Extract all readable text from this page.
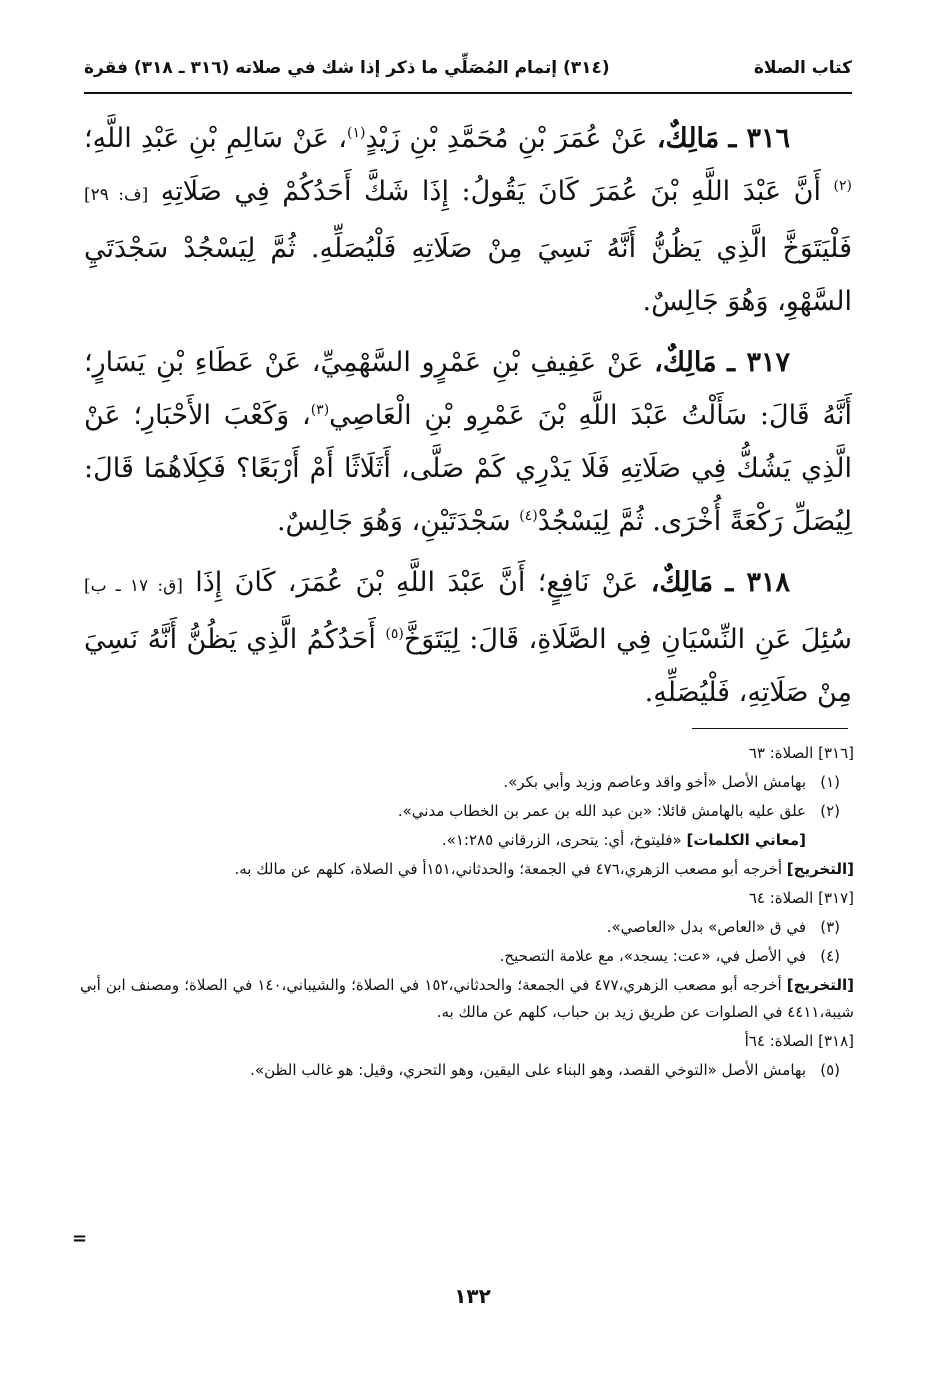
كتاب الصلاة
(٣١٤) إتمام المُصَلِّي ما ذكر إذا شك في صلاته (٣١٦ ـ ٣١٨) فقرة

٣١٦ ـ مَالِكٌ، عَنْ عُمَرَ بْنِ مُحَمَّدِ بْنِ زَيْدٍ$^{(١)}$، عَنْ سَالِمِ بْنِ عَبْدِ اللَّهِ؛$^{(٢)}$ أَنَّ عَبْدَ اللَّهِ بْنَ عُمَرَ كَانَ يَقُولُ: إِذَا شَكَّ أَحَدُكُمْ فِي صَلَاتِهِ [ف: ٢٩] فَلْيَتَوَخَّ الَّذِي يَظُنُّ أَنَّهُ نَسِيَ مِنْ صَلَاتِهِ فَلْيُصَلِّهِ. ثُمَّ لِيَسْجُدْ سَجْدَتَيِ السَّهْوِ، وَهُوَ جَالِسٌ.

٣١٧ ـ مَالِكٌ، عَنْ عَفِيفِ بْنِ عَمْرٍو السَّهْمِيِّ، عَنْ عَطَاءِ بْنِ يَسَارٍ؛ أَنَّهُ قَالَ: سَأَلْتُ عَبْدَ اللَّهِ بْنَ عَمْرِو بْنِ الْعَاصِي$^{(٣)}$، وَكَعْبَ الأَحْبَارِ؛ عَنْ الَّذِي يَشُكُّ فِي صَلَاتِهِ فَلَا يَدْرِي كَمْ صَلَّى، أَثَلَاثًا أَمْ أَرْبَعًا؟ فَكِلَاهُمَا قَالَ: لِيُصَلِّ رَكْعَةً أُخْرَى. ثُمَّ لِيَسْجُدْ$^{(٤)}$ سَجْدَتَيْنِ، وَهُوَ جَالِسٌ.

٣١٨ ـ مَالِكٌ، عَنْ نَافِعٍ؛ أَنَّ عَبْدَ اللَّهِ بْنَ عُمَرَ، كَانَ إِذَا [ق: ١٧ ـ ب] سُئِلَ عَنِ النِّسْيَانِ فِي الصَّلَاةِ، قَالَ: لِيَتَوَخَّ$^{(٥)}$ أَحَدُكُمُ الَّذِي يَظُنُّ أَنَّهُ نَسِيَ مِنْ صَلَاتِهِ، فَلْيُصَلِّهِ.

[٣١٦] الصلاة: ٦٣
(١)
بهامش الأصل «أخو واقد وعاصم وزيد وأبي بكر».
(٢)
علق عليه بالهامش قائلا: «بن عبد الله بن عمر بن الخطاب مدني».
[معاني الكلمات] «فليتوخ، أي: يتحرى، الزرقاني ١:٢٨٥».
[التخريج] أخرجه أبو مصعب الزهري،٤٧٦ في الجمعة؛ والحدثاني،١٥١أ في الصلاة، كلهم عن مالك به.
[٣١٧] الصلاة: ٦٤
(٣)
في ق «العاص» بدل «العاصي».
(٤)
في الأصل في، «عت: يسجد»، مع علامة التصحيح.
[التخريج] أخرجه أبو مصعب الزهري،٤٧٧ في الجمعة؛ والحدثاني،١٥٢ في الصلاة؛ والشيباني،١٤٠ في الصلاة؛ ومصنف ابن أبي شيبة،٤٤١١ في الصلوات عن طريق زيد بن حباب، كلهم عن مالك به.
[٣١٨] الصلاة: ٦٤أ
(٥)
بهامش الأصل «التوخي القصد، وهو البناء على اليقين، وهو التحري، وقيل: هو غالب الظن».
=
١٣٢
